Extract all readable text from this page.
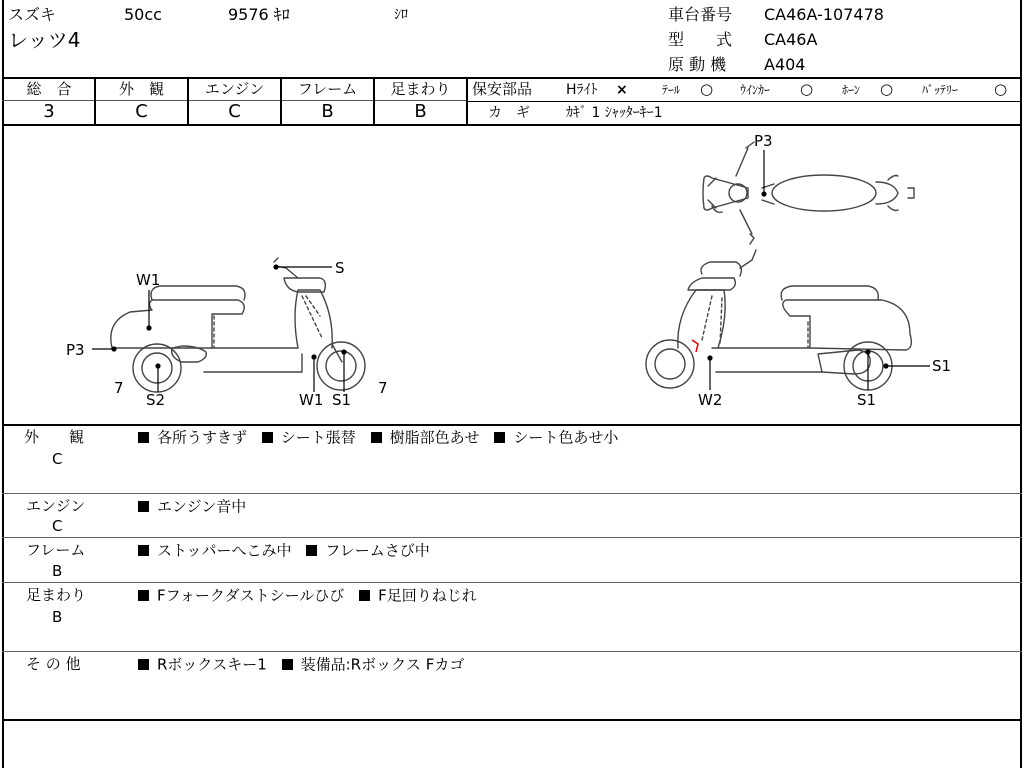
スズキ	50cc	9576 ｷﾛ	ｼﾛ
レッツ4
車台番号 CA46A-107478
型　　式 CA46A
原 動 機 A404
総　合	外　観	エンジン	フレーム	足まわり
3	C	C	B	B
保安部品 Hﾗｲﾄ ×	ﾃｰﾙ ○ ｳｲﾝｶｰ ○ ﾎｰﾝ ○ ﾊﾞｯﾃﾘｰ ○
カ　ギ	ｶｷﾞ 1 ｼｬｯﾀｰｷｰ1
W1
S
P3
7
S2	W1 S1
7
P3
S1
W2	S1
外　　観
C
各所うすきず シート張替 樹脂部色あせ シート色あせ小
エンジン
C
エンジン音中
フレーム
B
ストッパーへこみ中 フレームさび中
足まわり
B
Fフォークダストシールひび F足回りねじれ
そ の 他	Rボックスキー1 装備品:Rボックス Fカゴ
